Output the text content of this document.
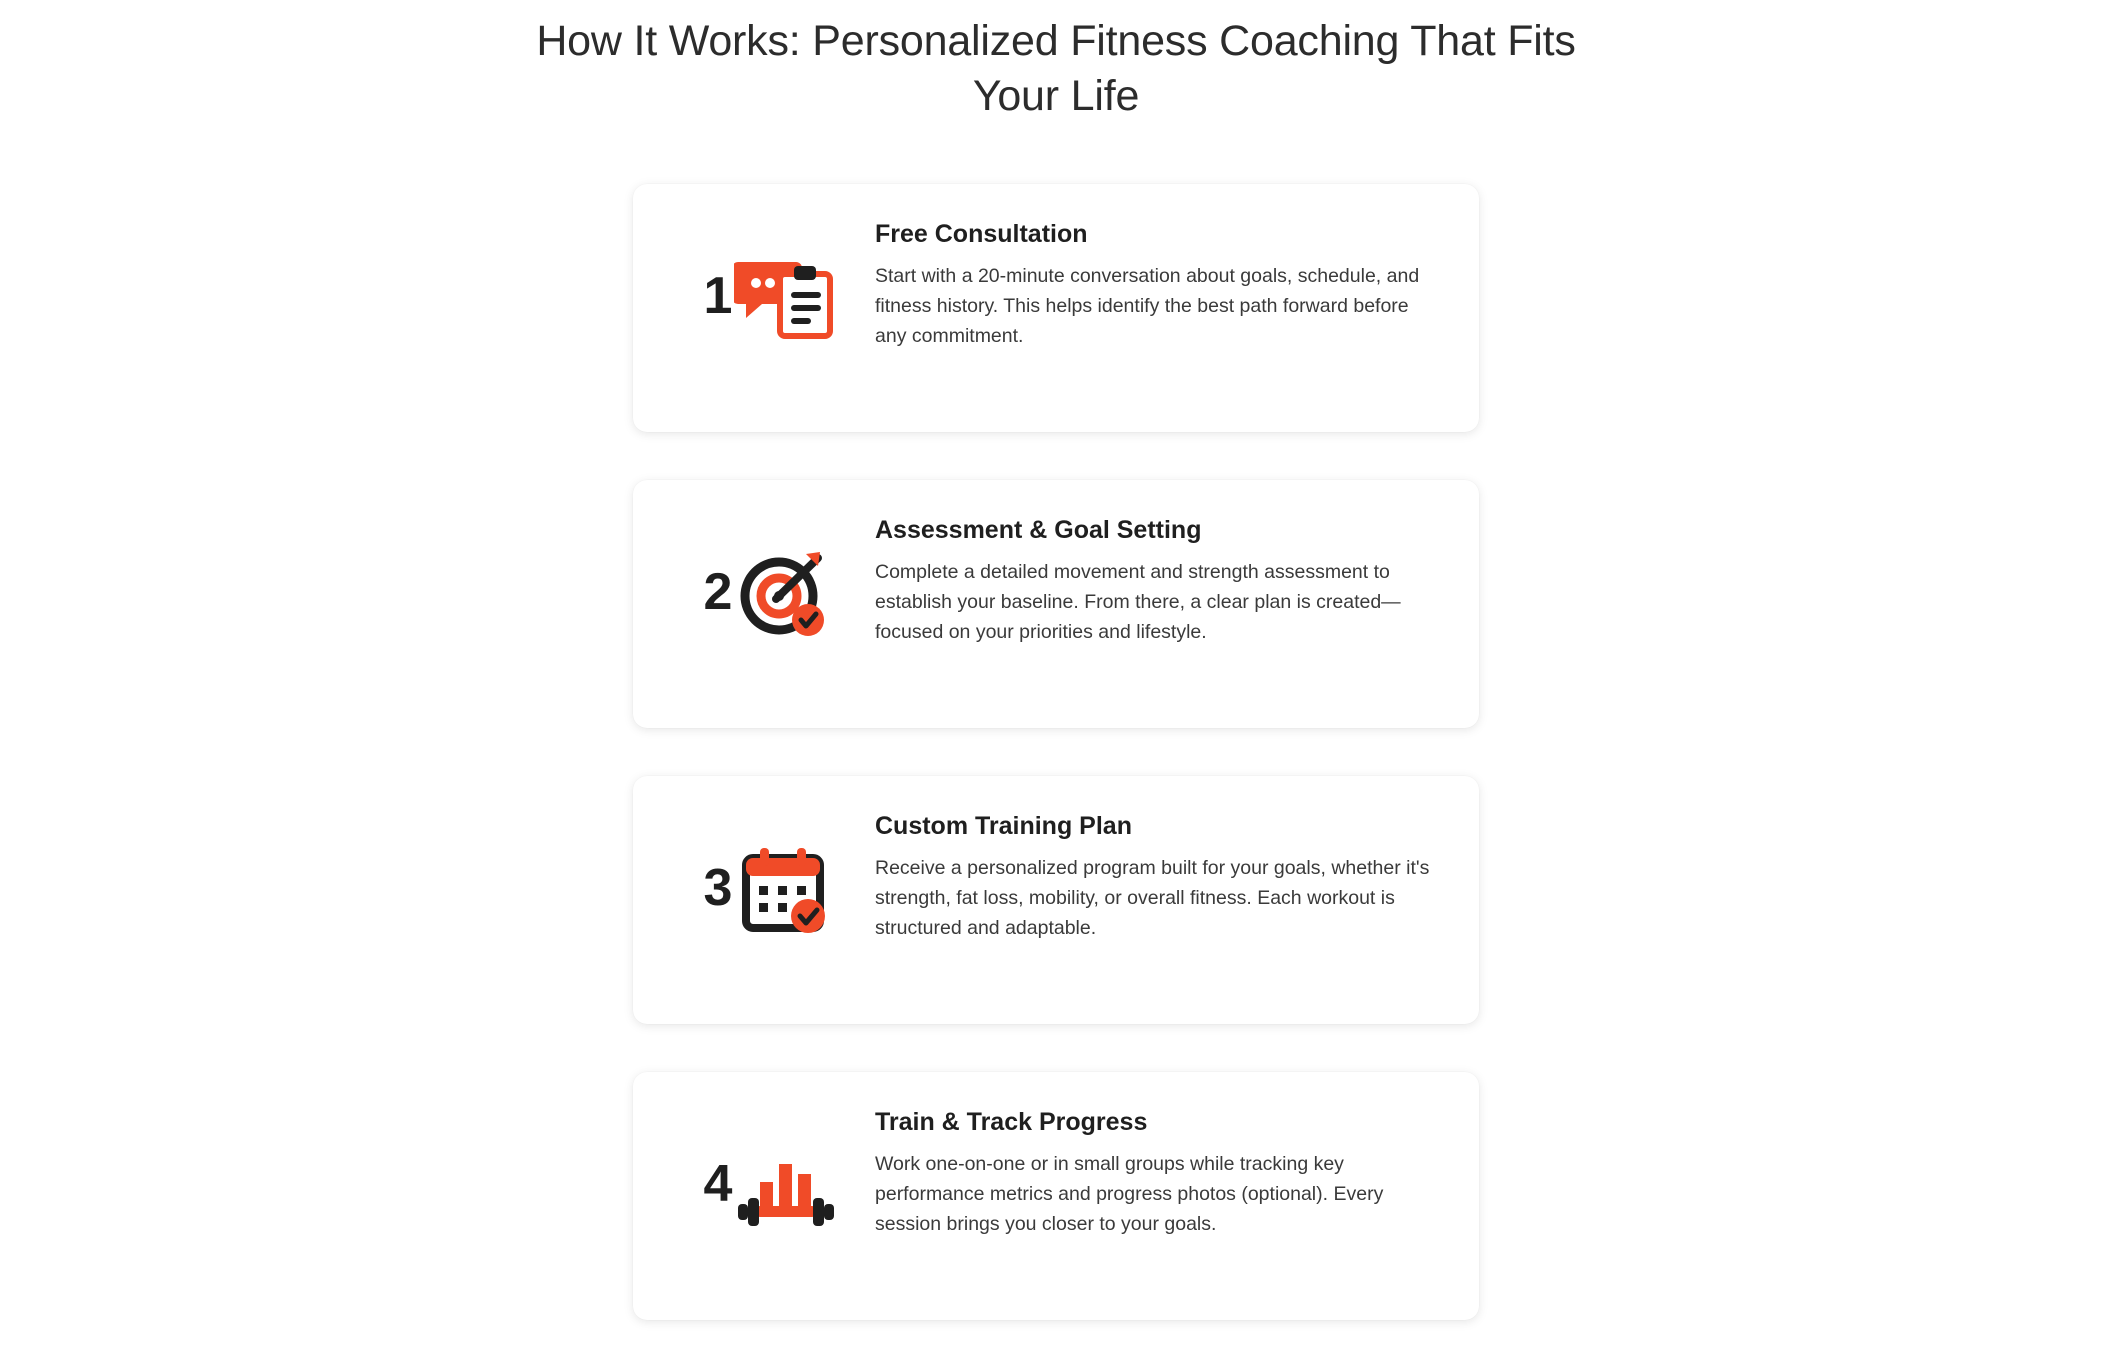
How It Works: Personalized Fitness Coaching That Fits Your Life
1
Free Consultation

Start with a 20-minute conversation about goals, schedule, and fitness history. This helps identify the best path forward before any commitment.

2
Assessment & Goal Setting

Complete a detailed movement and strength assessment to establish your baseline. From there, a clear plan is created—focused on your priorities and lifestyle.

3
Custom Training Plan

Receive a personalized program built for your goals, whether it's strength, fat loss, mobility, or overall fitness. Each workout is structured and adaptable.

4
Train & Track Progress

Work one-on-one or in small groups while tracking key performance metrics and progress photos (optional). Every session brings you closer to your goals.
